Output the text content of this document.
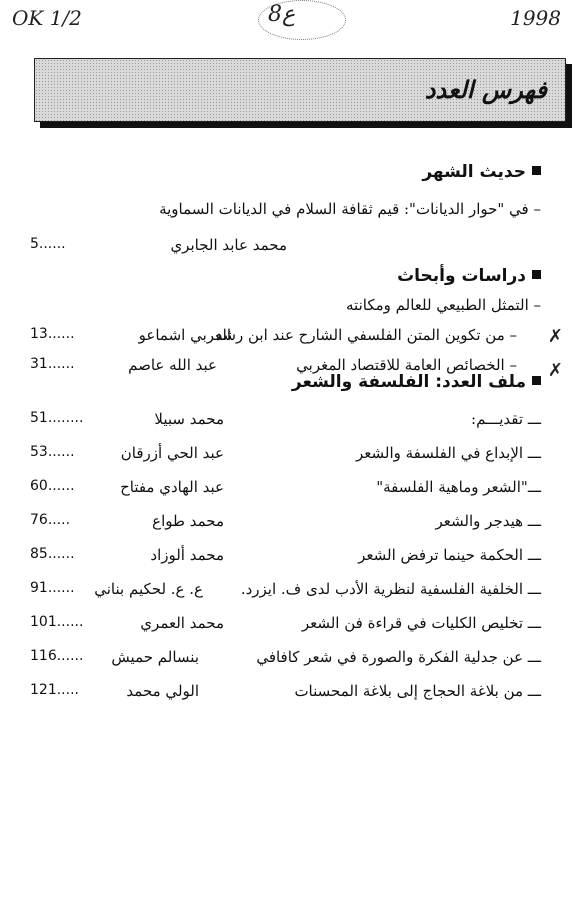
OK 1/2	8ع	1998
فهرس العدد
حديث الشهر
– في "حوار الديانات": قيم ثقافة السلام في الديانات السماوية
محمد عابد الجابري
5......
دراسات وأبحاث
– التمثل الطبيعي للعالم ومكانته
– من تكوين المتن الفلسفي الشارح عند ابن رشد
العربي اشماعو
13......	✗
– الخصائص العامة للاقتصاد المغربي
عبد الله عاصم
31......	✗
ملف العدد: الفلسفة والشعر
ـــ تقديـــم:
محمد سبيلا
51........
ـــ الإبداع في الفلسفة والشعر
عبد الحي أزرقان
53......
ـــ"الشعر وماهية الفلسفة"
عبد الهادي مفتاح
60......
ـــ هيدجر والشعر
محمد طواع
76.....
ـــ الحكمة حينما ترفض الشعر
محمد ألوزاد
85......
ـــ الخلفية الفلسفية لنظرية الأدب لدى ف. ايزرد.
ع. ع. لحكيم بناني
91......
ـــ تخليص الكليات في قراءة فن الشعر
محمد العمري
101......
ـــ عن جدلية الفكرة والصورة في شعر كافافي
بنسالم حميش
116......
ـــ من بلاغة الحجاج إلى بلاغة المحسنات
الولي محمد
121.....
